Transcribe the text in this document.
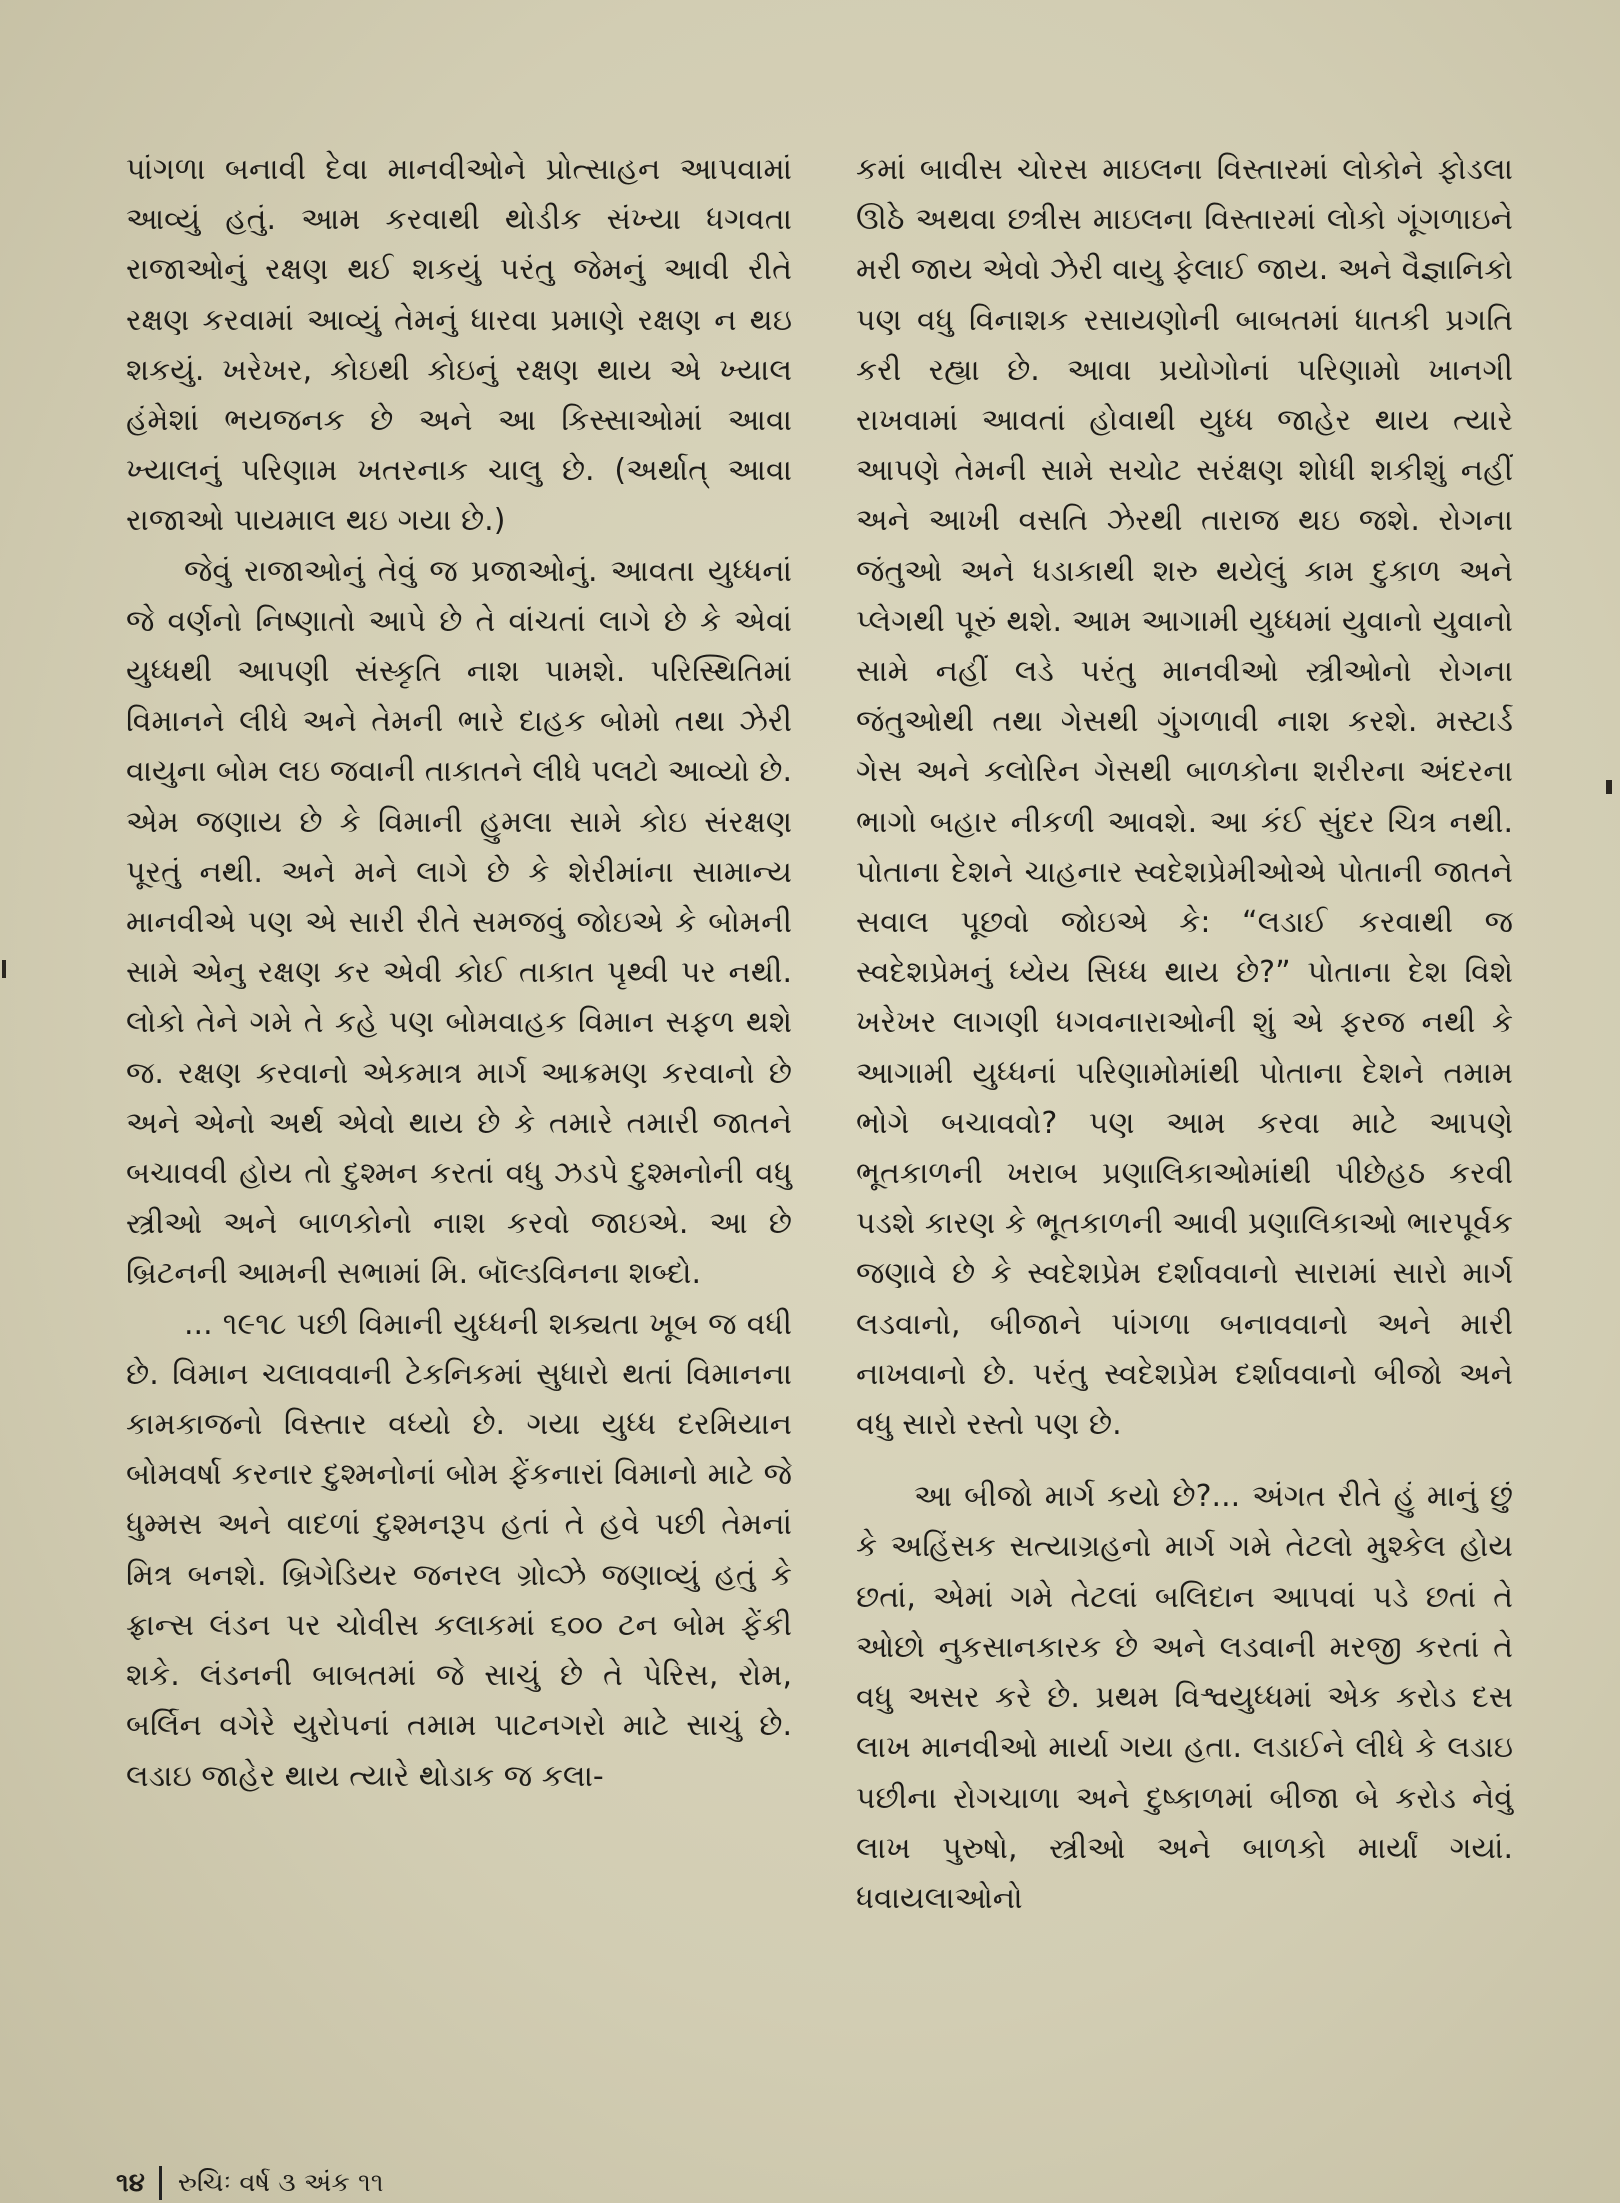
પાંગળા બનાવી દેવા માનવીઓને પ્રોત્સાહન આપવામાં આવ્યું હતું. આમ કરવાથી થોડીક સંખ્યા ધગવતા રાજાઓનું રક્ષણ થઈ શકયું પરંતુ જેમનું આવી રીતે રક્ષણ કરવામાં આવ્યું તેમનું ધારવા પ્રમાણે રક્ષણ ન થઇ શકયું. ખરેખર, કોઇથી કોઇનું રક્ષણ થાય એ ખ્યાલ હંમેશાં ભયજનક છે અને આ કિસ્સાઓમાં આવા ખ્યાલનું પરિણામ ખતરનાક ચાલુ છે. (અર્થાત્ આવા રાજાઓ પાયમાલ થઇ ગયા છે.)

જેવું રાજાઓનું તેવું જ પ્રજાઓનું. આવતા યુધ્ધનાં જે વર્ણનો નિષ્ણાતો આપે છે તે વાંચતાં લાગે છે કે એવાં યુધ્ધથી આપણી સંસ્કૃતિ નાશ પામશે. પરિસ્થિતિમાં વિમાનને લીધે અને તેમની ભારે દાહક બોમો તથા ઝેરી વાયુના બોમ લઇ જવાની તાકાતને લીધે પલટો આવ્યો છે. એમ જણાય છે કે વિમાની હુમલા સામે કોઇ સંરક્ષણ પૂરતું નથી. અને મને લાગે છે કે શેરીમાંના સામાન્ય માનવીએ પણ એ સારી રીતે સમજવું જોઇએ કે બોમની સામે એનુ રક્ષણ કર એવી કોઈ તાકાત પૃથ્વી પર નથી. લોકો તેને ગમે તે કહે પણ બોમવાહક વિમાન સફળ થશે જ. રક્ષણ કરવાનો એકમાત્ર માર્ગ આક્રમણ કરવાનો છે અને એનો અર્થ એવો થાય છે કે તમારે તમારી જાતને બચાવવી હોય તો દુશ્મન કરતાં વધુ ઝડપે દુશ્મનોની વધુ સ્ત્રીઓ અને બાળકોનો નાશ કરવો જાઇએ. આ છે બ્રિટનની આમની સભામાં મિ. બૉલ્ડવિનના શબ્દો.

... ૧૯૧૮ પછી વિમાની યુધ્ધની શક્યતા ખૂબ જ વધી છે. વિમાન ચલાવવાની ટેકનિકમાં સુધારો થતાં વિમાનના કામકાજનો વિસ્તાર વધ્યો છે. ગયા યુધ્ધ દરમિયાન બોમવર્ષા કરનાર દુશ્મનોનાં બોમ ફેંકનારાં વિમાનો માટે જે ધુમ્મસ અને વાદળાં દુશ્મનરૂપ હતાં તે હવે પછી તેમનાં મિત્ર બનશે. બ્રિગેડિયર જનરલ ગ્રોવ્ઝે જણાવ્યું હતું કે ફ્રાન્સ લંડન પર ચોવીસ કલાકમાં ૬૦૦ ટન બોમ ફેંકી શકે. લંડનની બાબતમાં જે સાચું છે તે પેરિસ, રોમ, બર્લિન વગેરે યુરોપનાં તમામ પાટનગરો માટે સાચું છે. લડાઇ જાહેર થાય ત્યારે થોડાક જ કલા-

કમાં બાવીસ ચોરસ માઇલના વિસ્તારમાં લોકોને ફોડલા ઊઠે અથવા છત્રીસ માઇલના વિસ્તારમાં લોકો ગૂંગળાઇને મરી જાય એવો ઝેરી વાયુ ફેલાઈ જાય. અને વૈજ્ઞાનિકો પણ વધુ વિનાશક રસાયણોની બાબતમાં ધાતકી પ્રગતિ કરી રહ્યા છે. આવા પ્રયોગોનાં પરિણામો ખાનગી રાખવામાં આવતાં હોવાથી યુધ્ધ જાહેર થાય ત્યારે આપણે તેમની સામે સચોટ સરંક્ષણ શોધી શકીશું નહીં અને આખી વસતિ ઝેરથી તારાજ થઇ જશે. રોગના જંતુઓ અને ધડાકાથી શરુ થયેલું કામ દુકાળ અને પ્લેગથી પૂરું થશે. આમ આગામી યુધ્ધમાં યુવાનો યુવાનો સામે નહીં લડે પરંતુ માનવીઓ સ્ત્રીઓનો રોગના જંતુઓથી તથા ગેસથી ગુંગળાવી નાશ કરશે. મસ્ટાર્ડ ગેસ અને કલોરિન ગેસથી બાળકોના શરીરના અંદરના ભાગો બહાર નીકળી આવશે. આ કંઈ સુંદર ચિત્ર નથી. પોતાના દેશને ચાહનાર સ્વદેશપ્રેમીઓએ પોતાની જાતને સવાલ પૂછવો જોઇએ કે: “લડાઈ કરવાથી જ સ્વદેશપ્રેમનું ધ્યેય સિધ્ધ થાય છે?” પોતાના દેશ વિશે ખરેખર લાગણી ધગવનારાઓની શું એ ફરજ નથી કે આગામી યુધ્ધનાં પરિણામોમાંથી પોતાના દેશને તમામ ભોગે બચાવવો? પણ આમ કરવા માટે આપણે ભૂતકાળની ખરાબ પ્રણાલિકાઓમાંથી પીછેહઠ કરવી પડશે કારણ કે ભૂતકાળની આવી પ્રણાલિકાઓ ભારપૂર્વક જણાવે છે કે સ્વદેશપ્રેમ દર્શાવવાનો સારામાં સારો માર્ગ લડવાનો, બીજાને પાંગળા બનાવવાનો અને મારી નાખવાનો છે. પરંતુ સ્વદેશપ્રેમ દર્શાવવાનો બીજો અને વધુ સારો રસ્તો પણ છે.

આ બીજો માર્ગ કયો છે?... અંગત રીતે હું માનું છું કે અહિંસક સત્યાગ્રહનો માર્ગ ગમે તેટલો મુશ્કેલ હોય છતાં, એમાં ગમે તેટલાં બલિદાન આપવાં પડે છતાં તે ઓછો નુકસાનકારક છે અને લડવાની મરજી કરતાં તે વધુ અસર કરે છે. પ્રથમ વિશ્વયુધ્ધમાં એક કરોડ દસ લાખ માનવીઓ માર્યા ગયા હતા. લડાઈને લીધે કે લડાઇ પછીના રોગચાળા અને દુષ્કાળમાં બીજા બે કરોડ નેવું લાખ પુરુષો, સ્ત્રીઓ અને બાળકો માર્યાં ગયાં. ધવાયલાઓનો

૧૪ રુચિઃ વર્ષ ૩ અંક ૧૧
